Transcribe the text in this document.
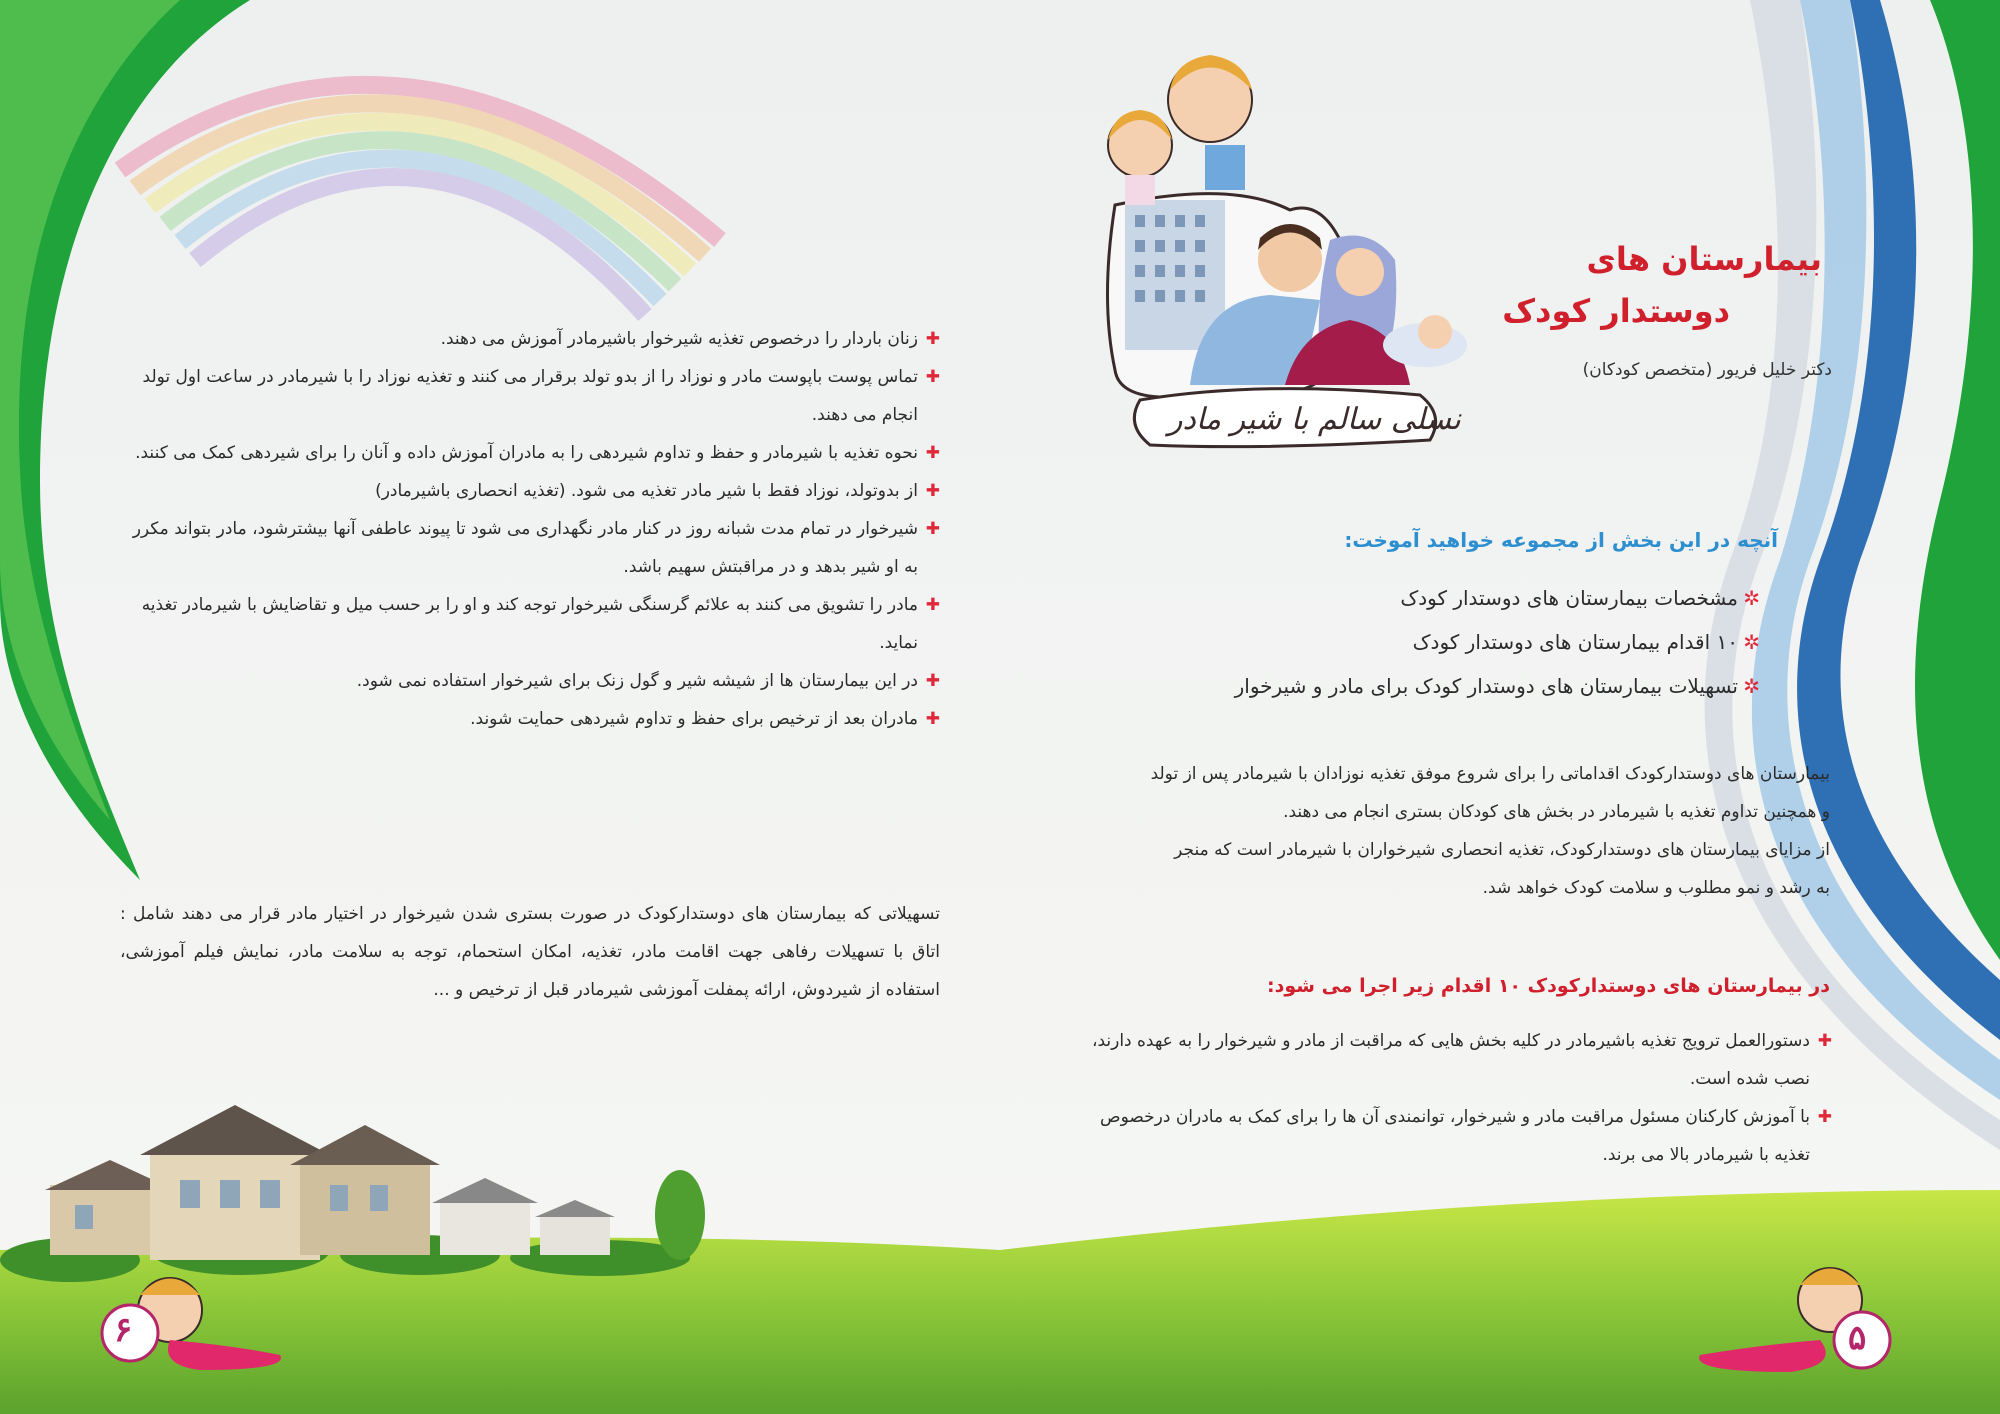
بیمارستان های
دوستدار کودک
دکتر خلیل فریور (متخصص کودکان)
نسلی سالم با شیر مادر
آنچه در این بخش از مجموعه خواهید آموخت:
✲
مشخصات بیمارستان های دوستدار کودک
✲
۱۰ اقدام بیمارستان های دوستدار کودک
✲
تسهیلات بیمارستان های دوستدار کودک برای مادر و شیرخوار
بیمارستان های دوستدارکودک اقداماتی را برای شروع موفق تغذیه نوزادان با شیرمادر پس از تولد
و همچنین تداوم تغذیه با شیرمادر در بخش های کودکان بستری انجام می دهند.
از مزایای بیمارستان های دوستدارکودک، تغذیه انحصاری شیرخواران با شیرمادر است که منجر
به رشد و نمو مطلوب و سلامت کودک خواهد شد.
در بیمارستان های دوستدارکودک ۱۰ اقدام زیر اجرا می شود:
✚
دستورالعمل ترویج تغذیه باشیرمادر در کلیه بخش هایی که مراقبت از مادر و شیرخوار را به عهده دارند، نصب شده است.
✚
با آموزش کارکنان مسئول مراقبت مادر و شیرخوار، توانمندی آن ها را برای کمک به مادران درخصوص تغذیه با شیرمادر بالا می برند.
✚
زنان باردار را درخصوص تغذیه شیرخوار باشیرمادر آموزش می دهند.
✚
تماس پوست باپوست مادر و نوزاد را از بدو تولد برقرار می کنند و تغذیه نوزاد را با شیرمادر در ساعت اول تولد انجام می دهند.
✚
نحوه تغذیه با شیرمادر و حفظ و تداوم شیردهی را به مادران آموزش داده و آنان را برای شیردهی کمک می کنند.
✚
از بدوتولد، نوزاد فقط با شیر مادر تغذیه می شود. (تغذیه انحصاری باشیرمادر)
✚
شیرخوار در تمام مدت شبانه روز در کنار مادر نگهداری می شود تا پیوند عاطفی آنها بیشترشود، مادر بتواند مکرر به او شیر بدهد و در مراقبتش سهیم باشد.
✚
مادر را تشویق می کنند به علائم گرسنگی شیرخوار توجه کند و او را بر حسب میل و تقاضایش با شیرمادر تغذیه نماید.
✚
در این بیمارستان ها از شیشه شیر و گول زنک برای شیرخوار استفاده نمی شود.
✚
مادران بعد از ترخیص برای حفظ و تداوم شیردهی حمایت شوند.
تسهیلاتی که بیمارستان های دوستدارکودک در صورت بستری شدن شیرخوار در اختیار مادر قرار می دهند شامل : اتاق با تسهیلات رفاهی جهت اقامت مادر، تغذیه، امکان استحمام، توجه به سلامت مادر، نمایش فیلم آموزشی، استفاده از شیردوش، ارائه پمفلت آموزشی شیرمادر قبل از ترخیص و ...
۶	۵
